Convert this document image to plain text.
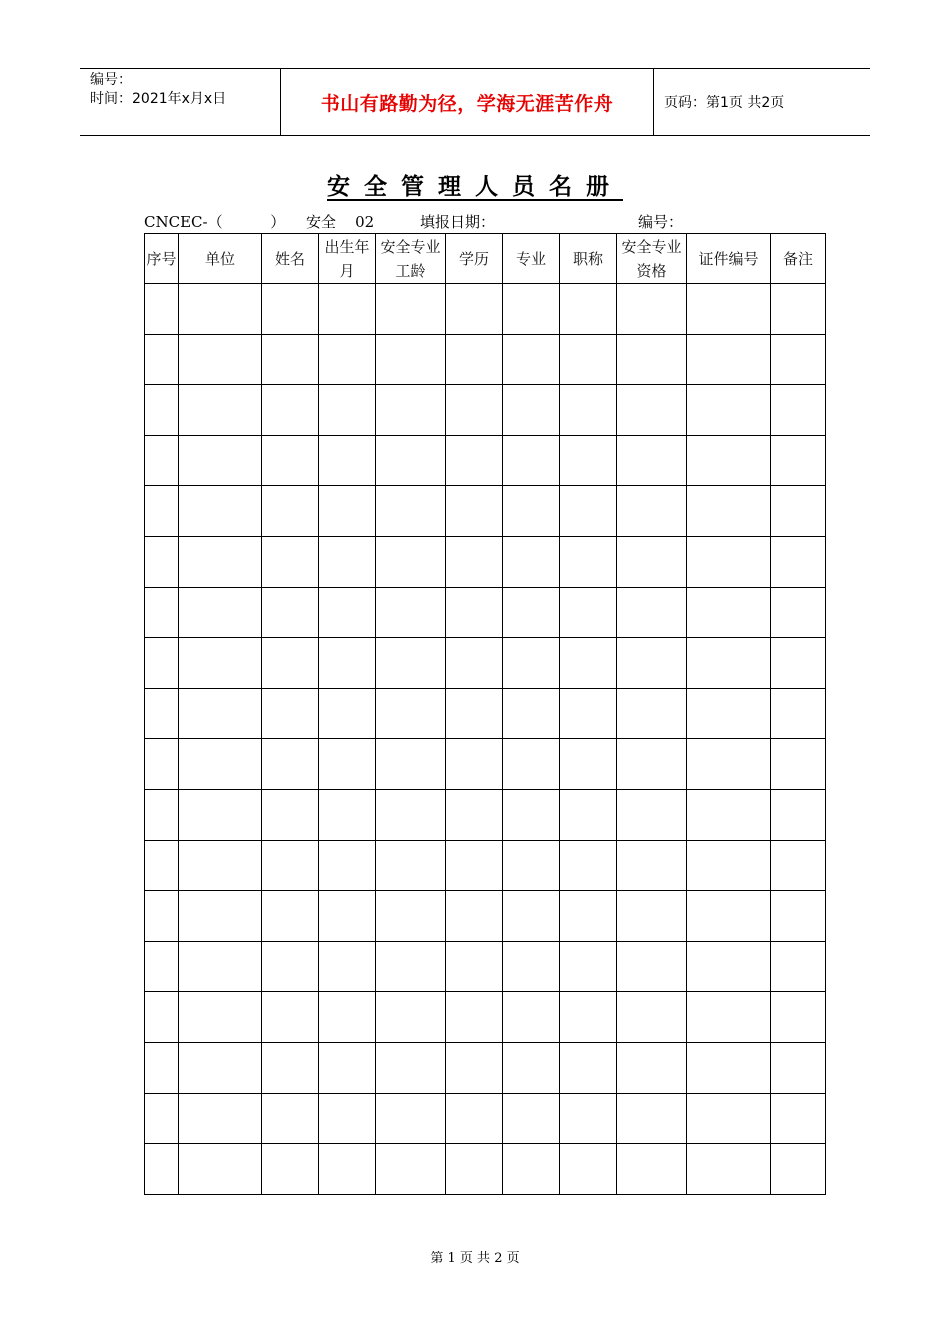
编号：
时间：2021年x月x日	书山有路勤为径，学海无涯苦作舟	页码：第1页 共2页
安全管理人员名册
CNCEC-（          ） 安全    02	填报日期：	编号：
序号	单位	姓名	出生年月	安全专业工龄	学历	专业	职称	安全专业资格	证件编号	备注

第 1 页 共 2 页
